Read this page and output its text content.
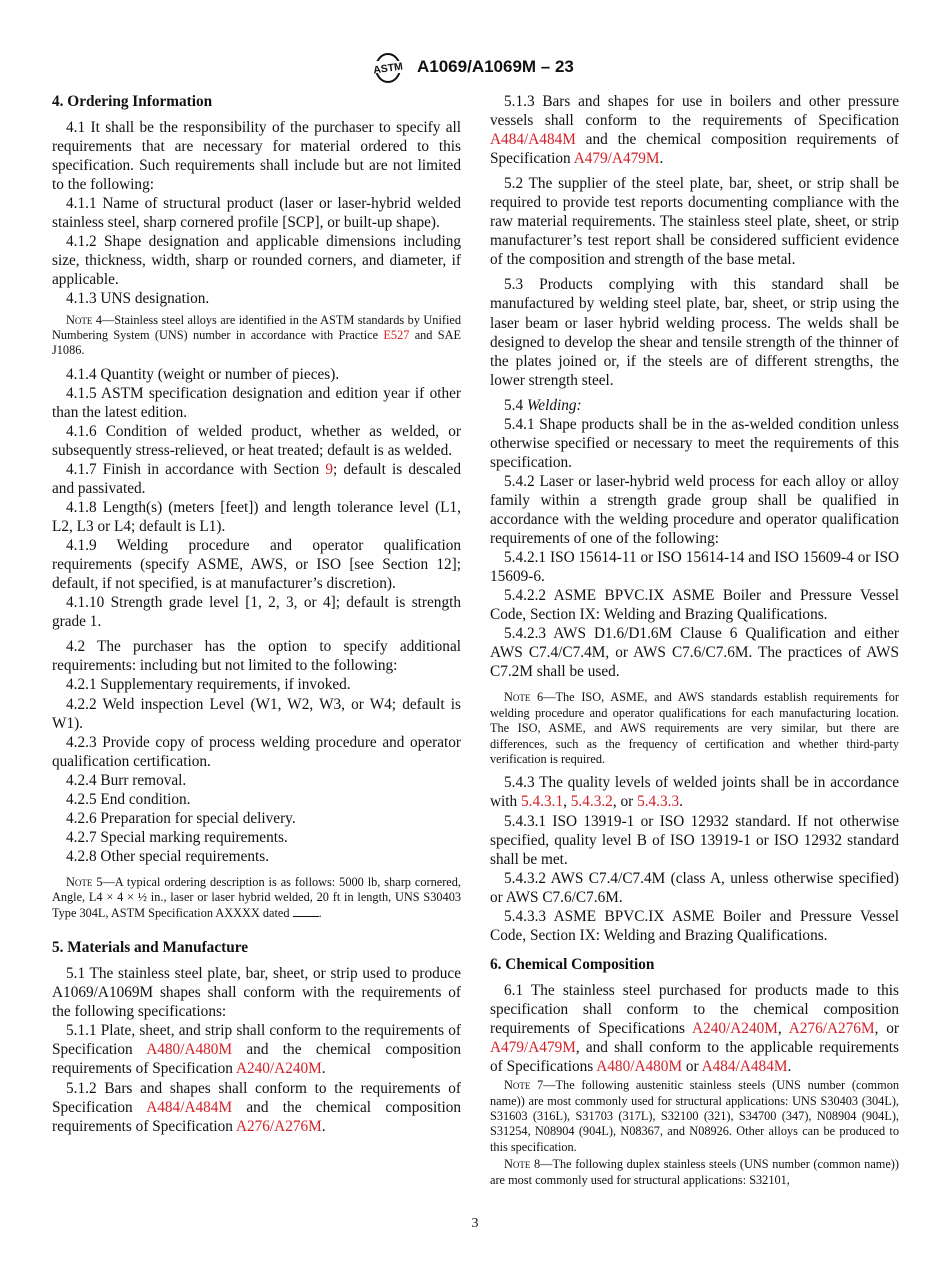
ASTM A1069/A1069M – 23
4. Ordering Information

4.1 It shall be the responsibility of the purchaser to specify all requirements that are necessary for material ordered to this specification. Such requirements shall include but are not limited to the following:

4.1.1 Name of structural product (laser or laser-hybrid welded stainless steel, sharp cornered profile [SCP], or built-up shape).

4.1.2 Shape designation and applicable dimensions including size, thickness, width, sharp or rounded corners, and diameter, if applicable.

4.1.3 UNS designation.

Note 4—Stainless steel alloys are identified in the ASTM standards by Unified Numbering System (UNS) number in accordance with Practice E527 and SAE J1086.

4.1.4 Quantity (weight or number of pieces).

4.1.5 ASTM specification designation and edition year if other than the latest edition.

4.1.6 Condition of welded product, whether as welded, or subsequently stress-relieved, or heat treated; default is as welded.

4.1.7 Finish in accordance with Section 9; default is descaled and passivated.

4.1.8 Length(s) (meters [feet]) and length tolerance level (L1, L2, L3 or L4; default is L1).

4.1.9 Welding procedure and operator qualification requirements (specify ASME, AWS, or ISO [see Section 12]; default, if not specified, is at manufacturer’s discretion).

4.1.10 Strength grade level [1, 2, 3, or 4]; default is strength grade 1.

4.2 The purchaser has the option to specify additional requirements: including but not limited to the following:

4.2.1 Supplementary requirements, if invoked.

4.2.2 Weld inspection Level (W1, W2, W3, or W4; default is W1).

4.2.3 Provide copy of process welding procedure and operator qualification certification.

4.2.4 Burr removal.

4.2.5 End condition.

4.2.6 Preparation for special delivery.

4.2.7 Special marking requirements.

4.2.8 Other special requirements.

Note 5—A typical ordering description is as follows: 5000 lb, sharp cornered, Angle, L4 × 4 × ½ in., laser or laser hybrid welded, 20 ft in length, UNS S30403 Type 304L, ASTM Specification AXXXX dated .

5. Materials and Manufacture

5.1 The stainless steel plate, bar, sheet, or strip used to produce A1069/A1069M shapes shall conform with the requirements of the following specifications:

5.1.1 Plate, sheet, and strip shall conform to the requirements of Specification A480/A480M and the chemical composition requirements of Specification A240/A240M.

5.1.2 Bars and shapes shall conform to the requirements of Specification A484/A484M and the chemical composition requirements of Specification A276/A276M.

5.1.3 Bars and shapes for use in boilers and other pressure vessels shall conform to the requirements of Specification A484/A484M and the chemical composition requirements of Specification A479/A479M.

5.2 The supplier of the steel plate, bar, sheet, or strip shall be required to provide test reports documenting compliance with the raw material requirements. The stainless steel plate, sheet, or strip manufacturer’s test report shall be considered sufficient evidence of the composition and strength of the base metal.

5.3 Products complying with this standard shall be manufactured by welding steel plate, bar, sheet, or strip using the laser beam or laser hybrid welding process. The welds shall be designed to develop the shear and tensile strength of the thinner of the plates joined or, if the steels are of different strengths, the lower strength steel.

5.4 Welding:

5.4.1 Shape products shall be in the as-welded condition unless otherwise specified or necessary to meet the requirements of this specification.

5.4.2 Laser or laser-hybrid weld process for each alloy or alloy family within a strength grade group shall be qualified in accordance with the welding procedure and operator qualification requirements of one of the following:

5.4.2.1 ISO 15614-11 or ISO 15614-14 and ISO 15609-4 or ISO 15609-6.

5.4.2.2 ASME BPVC.IX ASME Boiler and Pressure Vessel Code, Section IX: Welding and Brazing Qualifications.

5.4.2.3 AWS D1.6/D1.6M Clause 6 Qualification and either AWS C7.4/C7.4M, or AWS C7.6/C7.6M. The practices of AWS C7.2M shall be used.

Note 6—The ISO, ASME, and AWS standards establish requirements for welding procedure and operator qualifications for each manufacturing location. The ISO, ASME, and AWS requirements are very similar, but there are differences, such as the frequency of certification and whether third-party verification is required.

5.4.3 The quality levels of welded joints shall be in accordance with 5.4.3.1, 5.4.3.2, or 5.4.3.3.

5.4.3.1 ISO 13919-1 or ISO 12932 standard. If not otherwise specified, quality level B of ISO 13919-1 or ISO 12932 standard shall be met.

5.4.3.2 AWS C7.4/C7.4M (class A, unless otherwise specified) or AWS C7.6/C7.6M.

5.4.3.3 ASME BPVC.IX ASME Boiler and Pressure Vessel Code, Section IX: Welding and Brazing Qualifications.

6. Chemical Composition

6.1 The stainless steel purchased for products made to this specification shall conform to the chemical composition requirements of Specifications A240/A240M, A276/A276M, or A479/A479M, and shall conform to the applicable requirements of Specifications A480/A480M or A484/A484M.

Note 7—The following austenitic stainless steels (UNS number (common name)) are most commonly used for structural applications: UNS S30403 (304L), S31603 (316L), S31703 (317L), S32100 (321), S34700 (347), N08904 (904L), S31254, N08904 (904L), N08367, and N08926. Other alloys can be produced to this specification.

Note 8—The following duplex stainless steels (UNS number (common name)) are most commonly used for structural applications: S32101,

3
